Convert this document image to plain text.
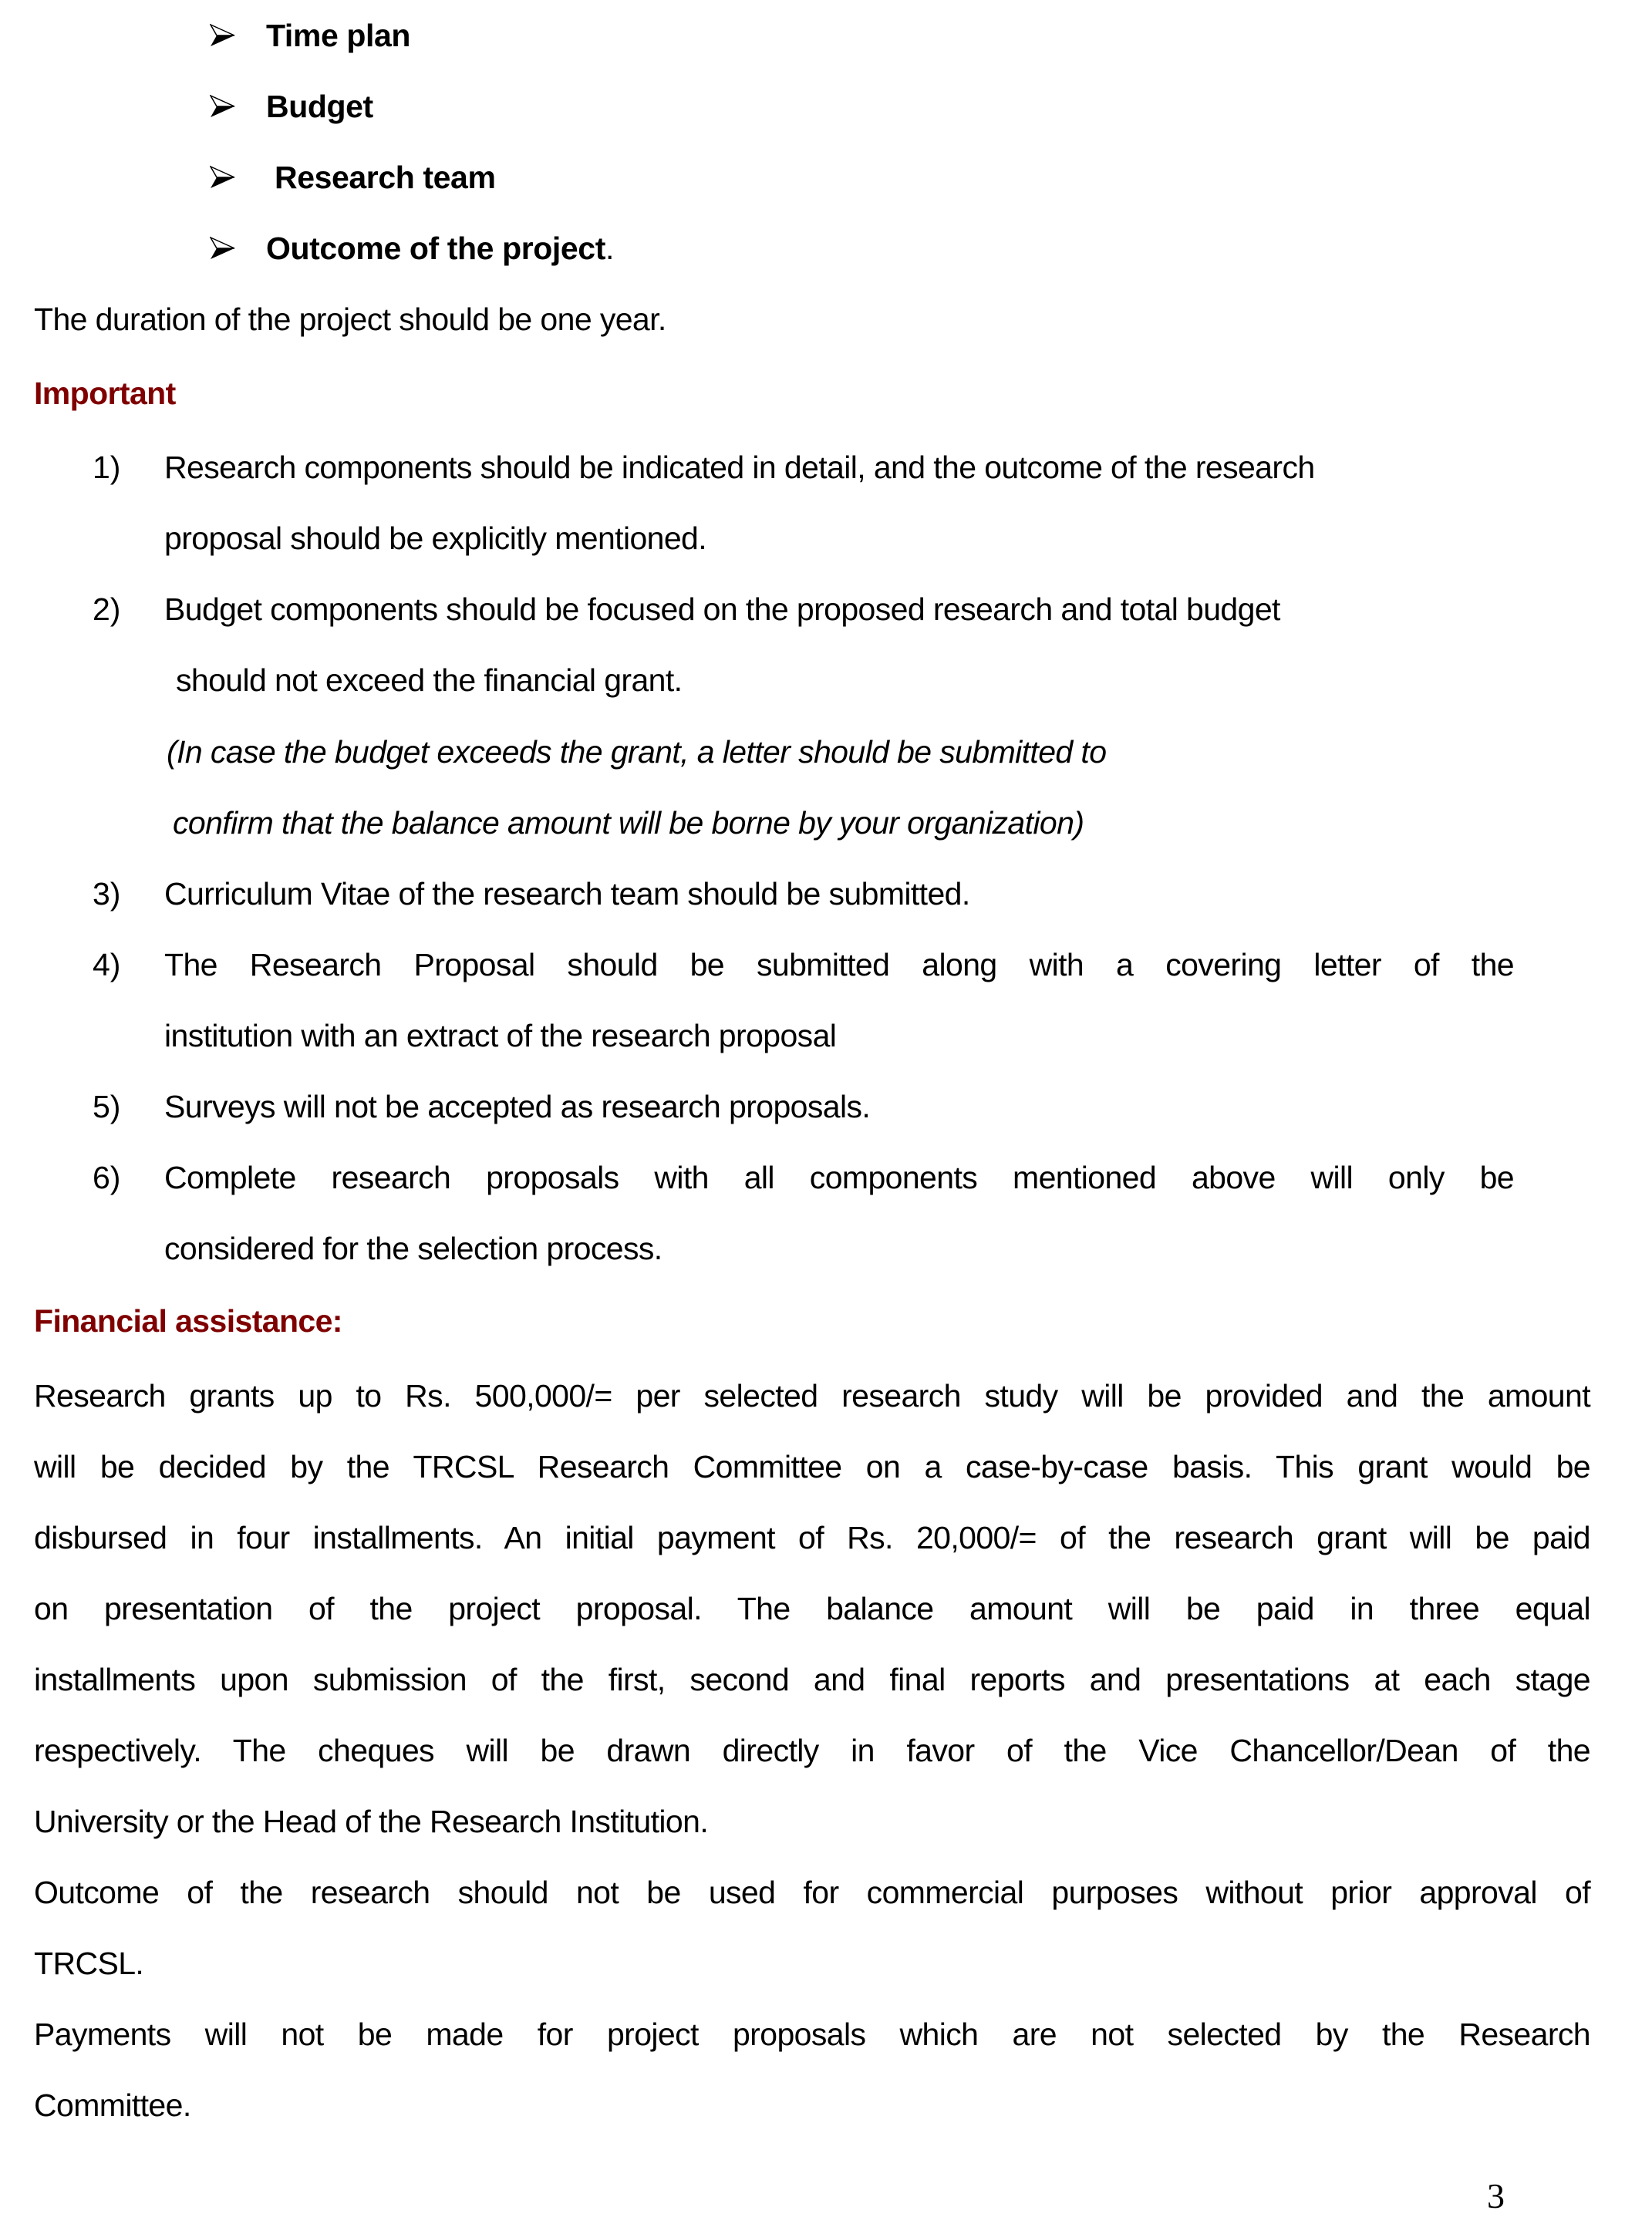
Time plan
Budget
Research team
Outcome of the project.
The duration of the project should be one year.
Important
1) Research components should be indicated in detail, and the outcome of the research
proposal should be explicitly mentioned.
2) Budget components should be focused on the proposed research and total budget
should not exceed the financial grant.
(In case the budget exceeds the grant, a letter should be submitted to
confirm that the balance amount will be borne by your organization)
3) Curriculum Vitae of the research team should be submitted.
4) The Research Proposal should be submitted along with a covering letter of the
institution with an extract of the research proposal
5) Surveys will not be accepted as research proposals.
6) Complete research proposals with all components mentioned above will only be
considered for the selection process.
Financial assistance:
Research grants up to Rs. 500,000/= per selected research study will be provided and the amount
will be decided by the TRCSL Research Committee on a case-by-case basis. This grant would be
disbursed in four installments. An initial payment of Rs. 20,000/= of the research grant will be paid
on presentation of the project proposal. The balance amount will be paid in three equal
installments upon submission of the first, second and final reports and presentations at each stage
respectively. The cheques will be drawn directly in favor of the Vice Chancellor/Dean of the
University or the Head of the Research Institution.
Outcome of the research should not be used for commercial purposes without prior approval of
TRCSL.
Payments will not be made for project proposals which are not selected by the Research
Committee.
3
